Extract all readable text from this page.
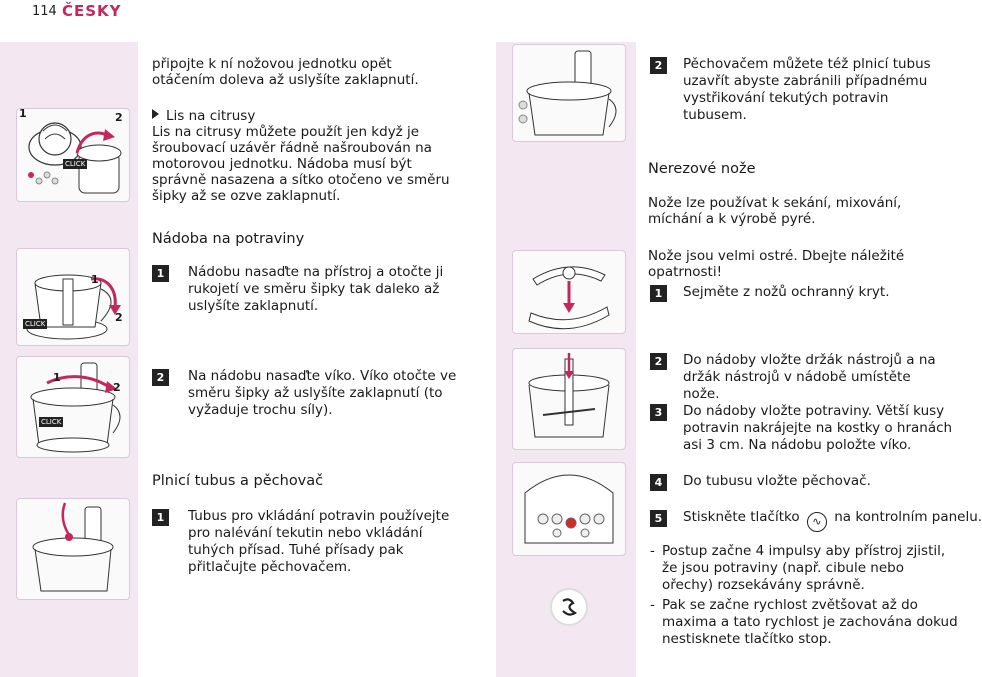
114 ČESKY
1	2
CLICK
1
2
CLICK
1
2
CLICK
připojte k ní nožovou jednotku opět otáčením doleva až uslyšíte zaklapnutí.
Lis na citrusy
Lis na citrusy můžete použít jen když je šroubovací uzávěr řádně našroubován na motorovou jednotku. Nádoba musí být správně nasazena a sítko otočeno ve směru šipky až se ozve zaklapnutí.
Nádoba na potraviny
1	Nádobu nasaďte na přístroj a otočte ji rukojetí ve směru šipky tak daleko až uslyšíte zaklapnutí.
2	Na nádobu nasaďte víko. Víko otočte ve směru šipky až uslyšíte zaklapnutí (to vyžaduje trochu síly).
Plnicí tubus a pěchovač
1	Tubus pro vkládání potravin používejte pro nalévání tekutin nebo vkládání tuhých přísad. Tuhé přísady pak přitlačujte pěchovačem.
2	Pěchovačem můžete též plnicí tubus uzavřít abyste zabránili případnému vystřikování tekutých potravin tubusem.
Nerezové nože
Nože lze používat k sekání, mixování, míchání a k výrobě pyré.
Nože jsou velmi ostré. Dbejte náležité opatrnosti!
1	Sejměte z nožů ochranný kryt.
2	Do nádoby vložte držák nástrojů a na držák nástrojů v nádobě umístěte nože.
3	Do nádoby vložte potraviny. Větší kusy potravin nakrájejte na kostky o hranách asi 3 cm. Na nádobu položte víko.
4	Do tubusu vložte pěchovač.
5	Stiskněte tlačítko ∿ na kontrolním panelu.
- Postup začne 4 impulsy aby přístroj zjistil, že jsou potraviny (např. cibule nebo ořechy) rozsekávány správně.
- Pak se začne rychlost zvětšovat až do maxima a tato rychlost je zachována dokud nestisknete tlačítko stop.
